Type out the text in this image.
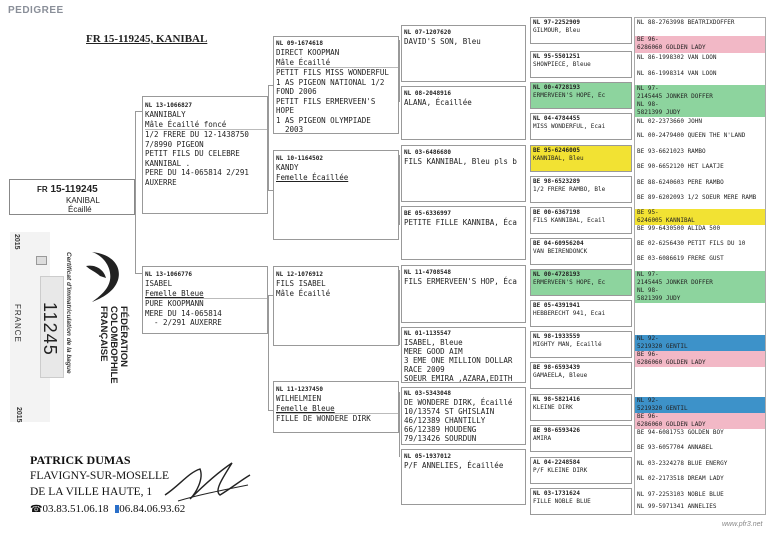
PEDIGREE
FR 15-119245, KANIBAL
FR 15-119245
KANIBAL
Écaillé
NL 13-1066827
KANNIBALY
Mâle Écaillé foncé
1/2 FRERE DU 12-1438750
7/8990 PIGEON
PETIT FILS DU CELEBRE
KANNIBAL .
PERE DU 14-065814 2/291
AUXERRE
NL 13-1066776
ISABEL
Femelle Bleue
PURE KOOPMANN
MERE DU 14-065814
- 2/291 AUXERRE
NL 09-1674618
DIRECT KOOPMAN
Mâle Écaillé
PETIT FILS MISS WONDERFUL
1 AS PIGEON NATIONAL 1/2
FOND 2006
PETIT FILS ERMERVEEN'S
HOPE
1 AS PIGEON OLYMPIADE
2003
NL 10-1164502
KANDY
Femelle Écaillée
NL 12-1076912
FILS ISABEL
Mâle Écaillé
NL 11-1237450
WILHELMIEN
Femelle Bleue
FILLE DE WONDERE DIRK
NL 07-1207620
DAVID'S SON, Bleu
NL 08-2048916
ALANA, Écaillée
NL 03-6486680
FILS KANNIBAL, Bleu pls b
BE 05-6336997
PETITE FILLE KANNIBA, Éca
NL 11-4708548
FILS ERMERVEEN'S HOP, Éca
NL 01-1135547
ISABEL, Bleue
MERE GOOD AIM
3 EME ONE MILLION DOLLAR
RACE 2009
SOEUR EMIRA ,AZARA,EDITH
NL 03-5343048
DE WONDERE DIRK, Écaillé
10/13574 ST GHISLAIN
46/12389 CHANTILLY
66/12389 HOUDENG
79/13426 SOURDUN
NL 05-1937012
P/F ANNELIES, Écaillée
NL 97-2252909
GILMOUR, Bleu
NL 95-5501251
SHOWPIECE, Bleue
NL 00-4728193
ERMERVEEN'S HOPE, Éc
NL 04-4784455
MISS WONDERFUL, Écai
BE 95-6246005
KANNIBAL, Bleu
BE 98-6523289
1/2 FRERE RAMBO, Ble
BE 00-6367198
FILS KANNIBAL, Écail
BE 04-60956204
VAN BEIRENDONCK
NL 00-4728193
ERMERVEEN'S HOPE, Éc
BE 05-4391941
HEBBERECHT 941, Écai
NL 98-1933559
MIGHTY MAN, Écaillé
BE 98-6593439
GAMAEELA, Bleue
NL 98-5821416
KLEINE DIRK
BE 98-6593426
AMIRA
AL 04-2248584
P/F KLEINE DIRK
NL 03-1731624
FILLE NOBLE BLUE
NL 88-2763998 BEATRIXDOFFER
BE 96-
6286060 GOLDEN LADY
NL 86-1998302 VAN LOON
NL 86-1998314 VAN LOON
NL 97-
2145445 JONKER DOFFER
NL 98-
5821399 JUDY
NL 02-2373660 JOHN
NL 00-2479400 QUEEN THE N'LAND
BE 93-6621023 RAMBO
BE 90-6652120 HET LAATJE
BE 88-6240603 PERE RAMBO
BE 89-6202093 1/2 SOEUR MERE RAMB
BE 95-
6246005 KANNIBAL
BE 99-6430500 ALIDA 500
BE 02-6256430 PETIT FILS DU 10
BE 03-6086619 FRERE GUST
NL 97-
2145445 JONKER DOFFER
NL 98-
5821399 JUDY
NL 92-
5219320 GENTIL
BE 96-
6286060 GOLDEN LADY
NL 92-
5219320 GENTIL
BE 96-
6286060 GOLDEN LADY
BE 94-6081753 GOLDEN BOY
BE 93-6057704 ANNABEL
NL 03-2324278 BLUE ENERGY
NL 02-2173518 DREAM LADY
NL 97-2253103 NOBLE BLUE
NL 99-5971341 ANNELIES
2015
2015
FRANCE 11245 Certificat d'immatriculation de la bague	FÉDÉRATION
COLOMBOPHILE
FRANÇAISE
PATRICK DUMAS
FLAVIGNY-SUR-MOSELLE
DE LA VILLE HAUTE, 1
☎03.83.51.06.18 06.84.06.93.62
www.pfr3.net
